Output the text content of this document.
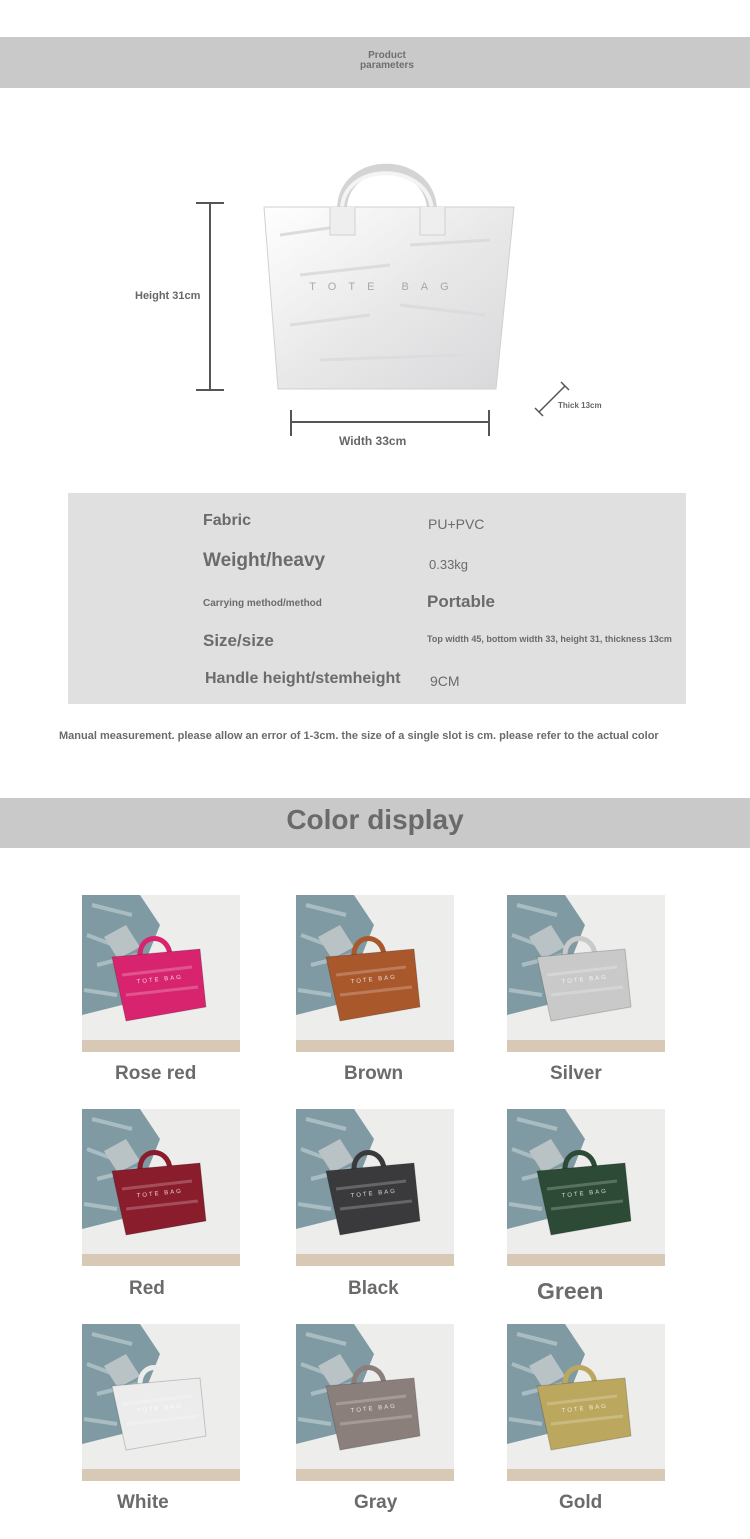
Product parameters
Height 31cm
TOTE BAG
Width 33cm
Thick 13cm
Fabric	PU+PVC
Weight/heavy	0.33kg
Carrying method/method	Portable
Size/size	Top width 45, bottom width 33, height 31, thickness 13cm
Handle height/stemheight 9CM
Manual measurement. please allow an error of 1-3cm. the size of a single slot is cm. please refer to the actual color
Color display
TOTE BAG
Rose red
TOTE BAG
Brown
TOTE BAG
Silver
TOTE BAG
Red
TOTE BAG
Black
TOTE BAG
Green
TOTE BAG
White
TOTE BAG
Gray
TOTE BAG
Gold
